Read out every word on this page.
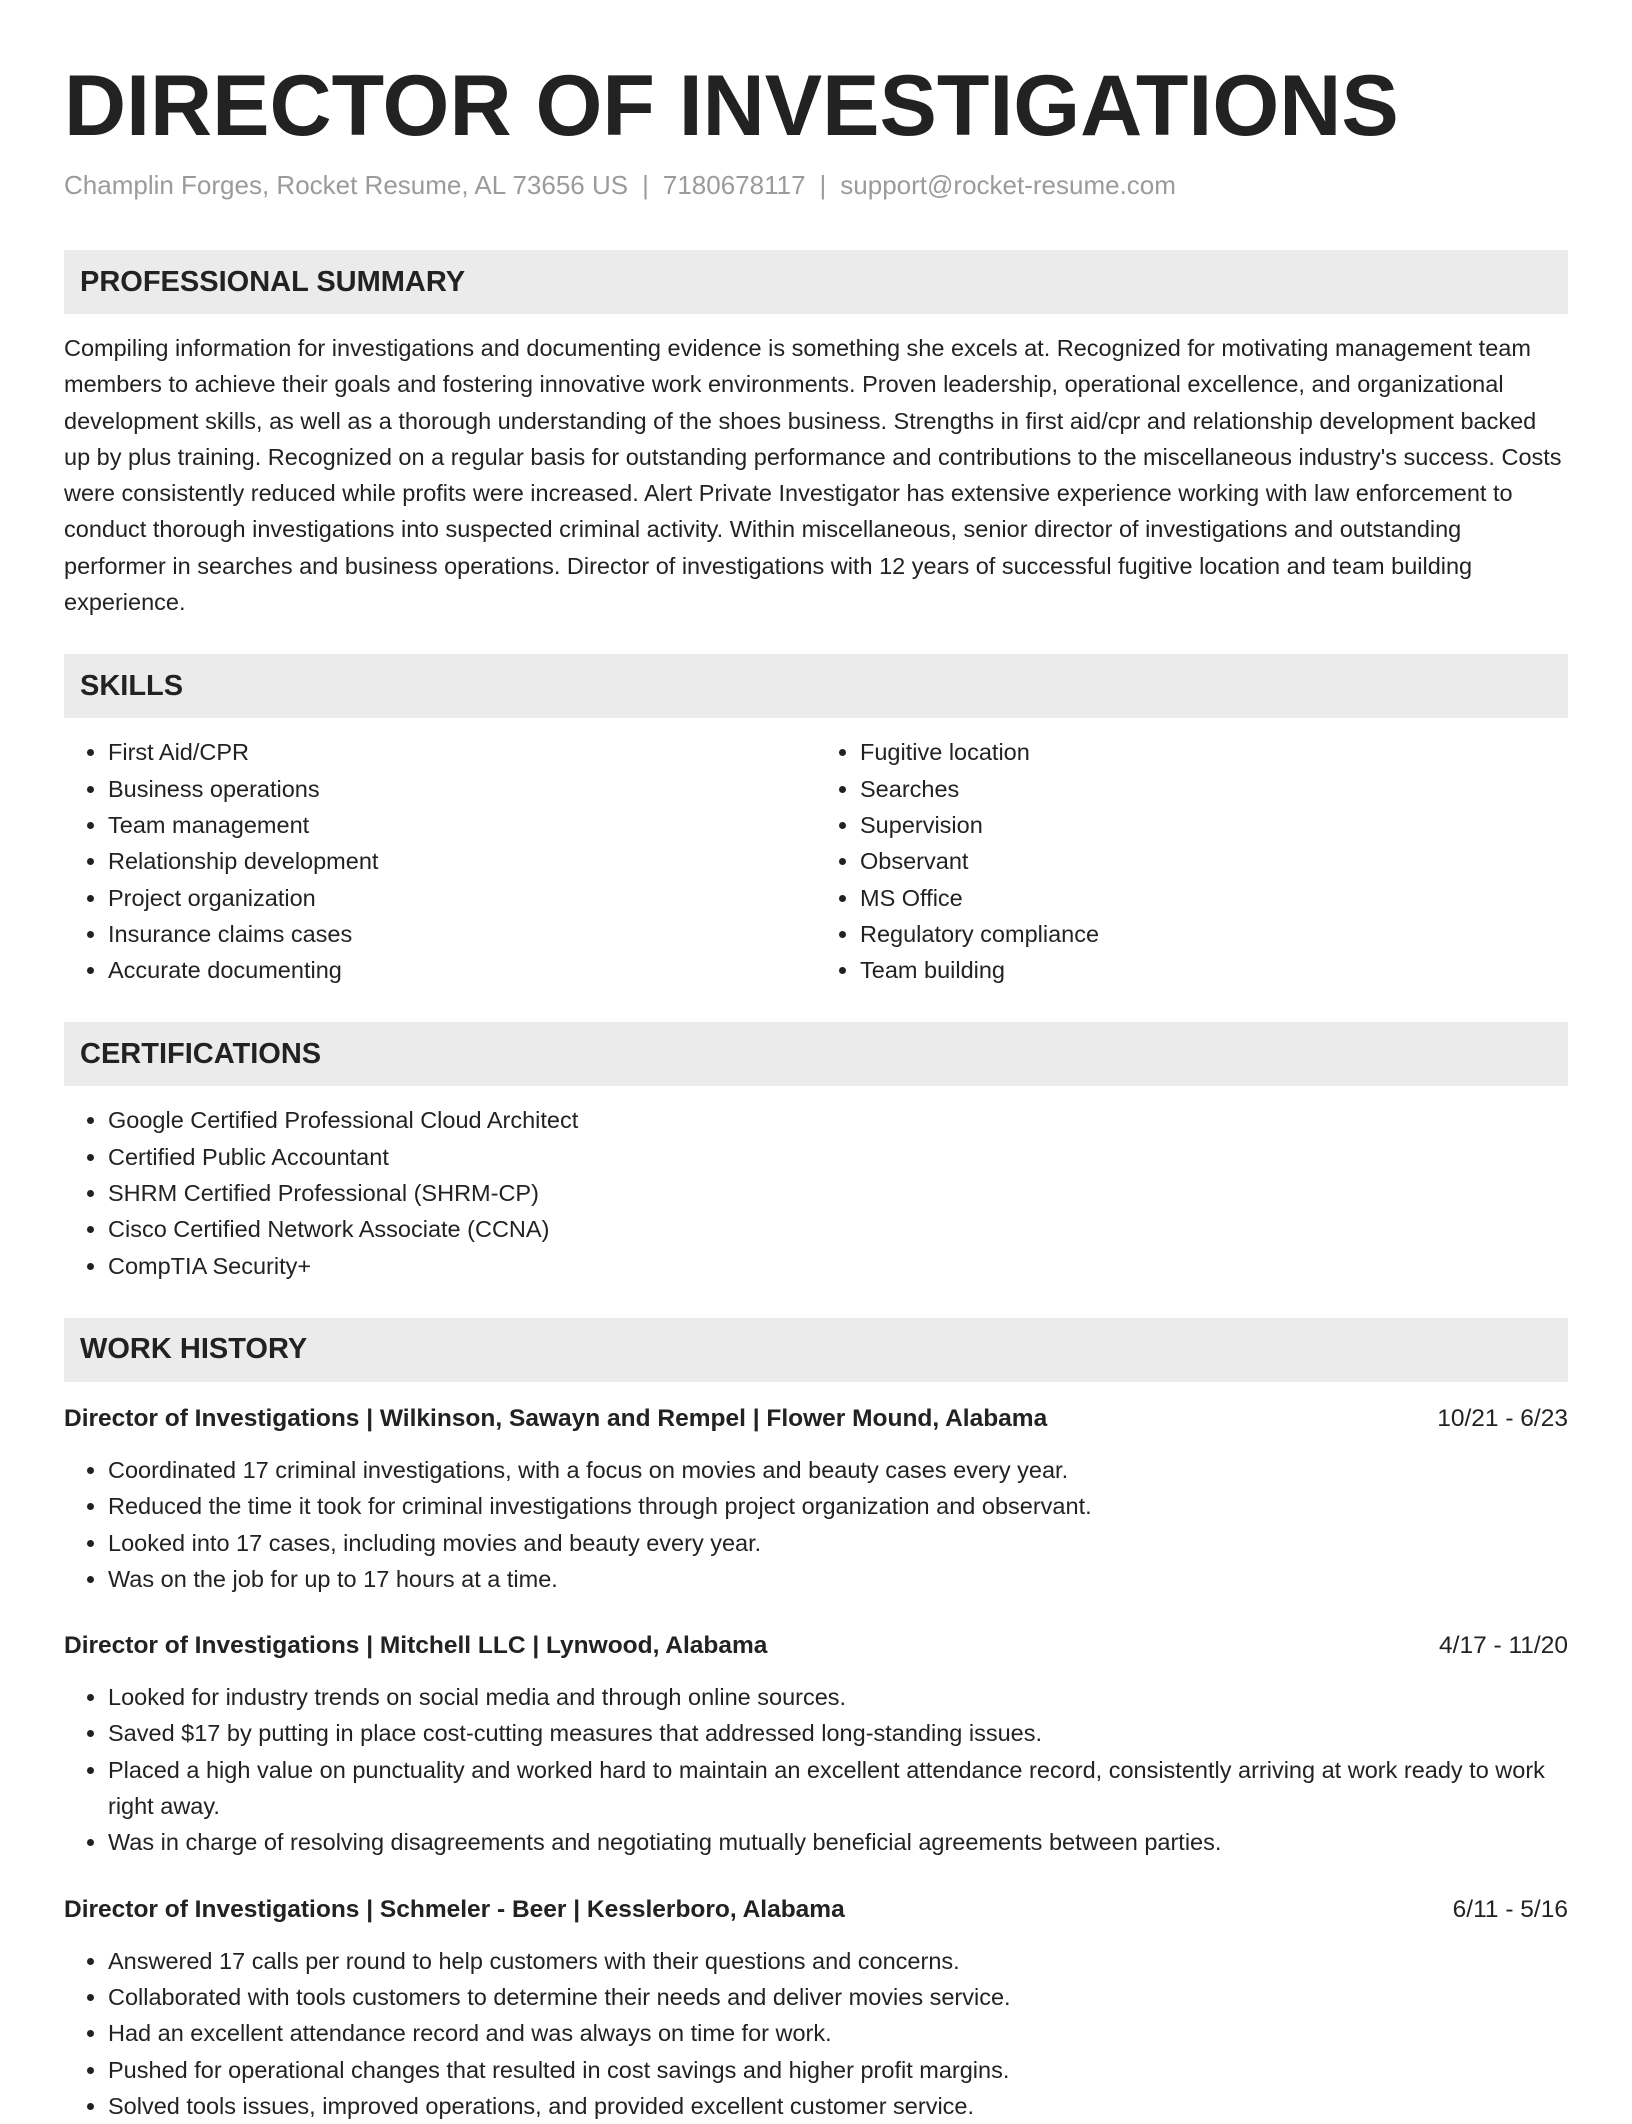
DIRECTOR OF INVESTIGATIONS
Champlin Forges, Rocket Resume, AL 73656 US | 7180678117 | support@rocket-resume.com
PROFESSIONAL SUMMARY
Compiling information for investigations and documenting evidence is something she excels at. Recognized for motivating management team members to achieve their goals and fostering innovative work environments. Proven leadership, operational excellence, and organizational development skills, as well as a thorough understanding of the shoes business. Strengths in first aid/cpr and relationship development backed up by plus training. Recognized on a regular basis for outstanding performance and contributions to the miscellaneous industry's success. Costs were consistently reduced while profits were increased. Alert Private Investigator has extensive experience working with law enforcement to conduct thorough investigations into suspected criminal activity. Within miscellaneous, senior director of investigations and outstanding performer in searches and business operations. Director of investigations with 12 years of successful fugitive location and team building experience.
SKILLS
• First Aid/CPR
• Business operations
• Team management
• Relationship development
• Project organization
• Insurance claims cases
• Accurate documenting
• Fugitive location
• Searches
• Supervision
• Observant
• MS Office
• Regulatory compliance
• Team building
CERTIFICATIONS
• Google Certified Professional Cloud Architect
• Certified Public Accountant
• SHRM Certified Professional (SHRM-CP)
• Cisco Certified Network Associate (CCNA)
• CompTIA Security+
WORK HISTORY
Director of Investigations | Wilkinson, Sawayn and Rempel | Flower Mound, Alabama	10/21 - 6/23
• Coordinated 17 criminal investigations, with a focus on movies and beauty cases every year.
• Reduced the time it took for criminal investigations through project organization and observant.
• Looked into 17 cases, including movies and beauty every year.
• Was on the job for up to 17 hours at a time.
Director of Investigations | Mitchell LLC | Lynwood, Alabama	4/17 - 11/20
• Looked for industry trends on social media and through online sources.
• Saved $17 by putting in place cost-cutting measures that addressed long-standing issues.
• Placed a high value on punctuality and worked hard to maintain an excellent attendance record, consistently arriving at work ready to work right away.
• Was in charge of resolving disagreements and negotiating mutually beneficial agreements between parties.
Director of Investigations | Schmeler - Beer | Kesslerboro, Alabama	6/11 - 5/16
• Answered 17 calls per round to help customers with their questions and concerns.
• Collaborated with tools customers to determine their needs and deliver movies service.
• Had an excellent attendance record and was always on time for work.
• Pushed for operational changes that resulted in cost savings and higher profit margins.
• Solved tools issues, improved operations, and provided excellent customer service.
